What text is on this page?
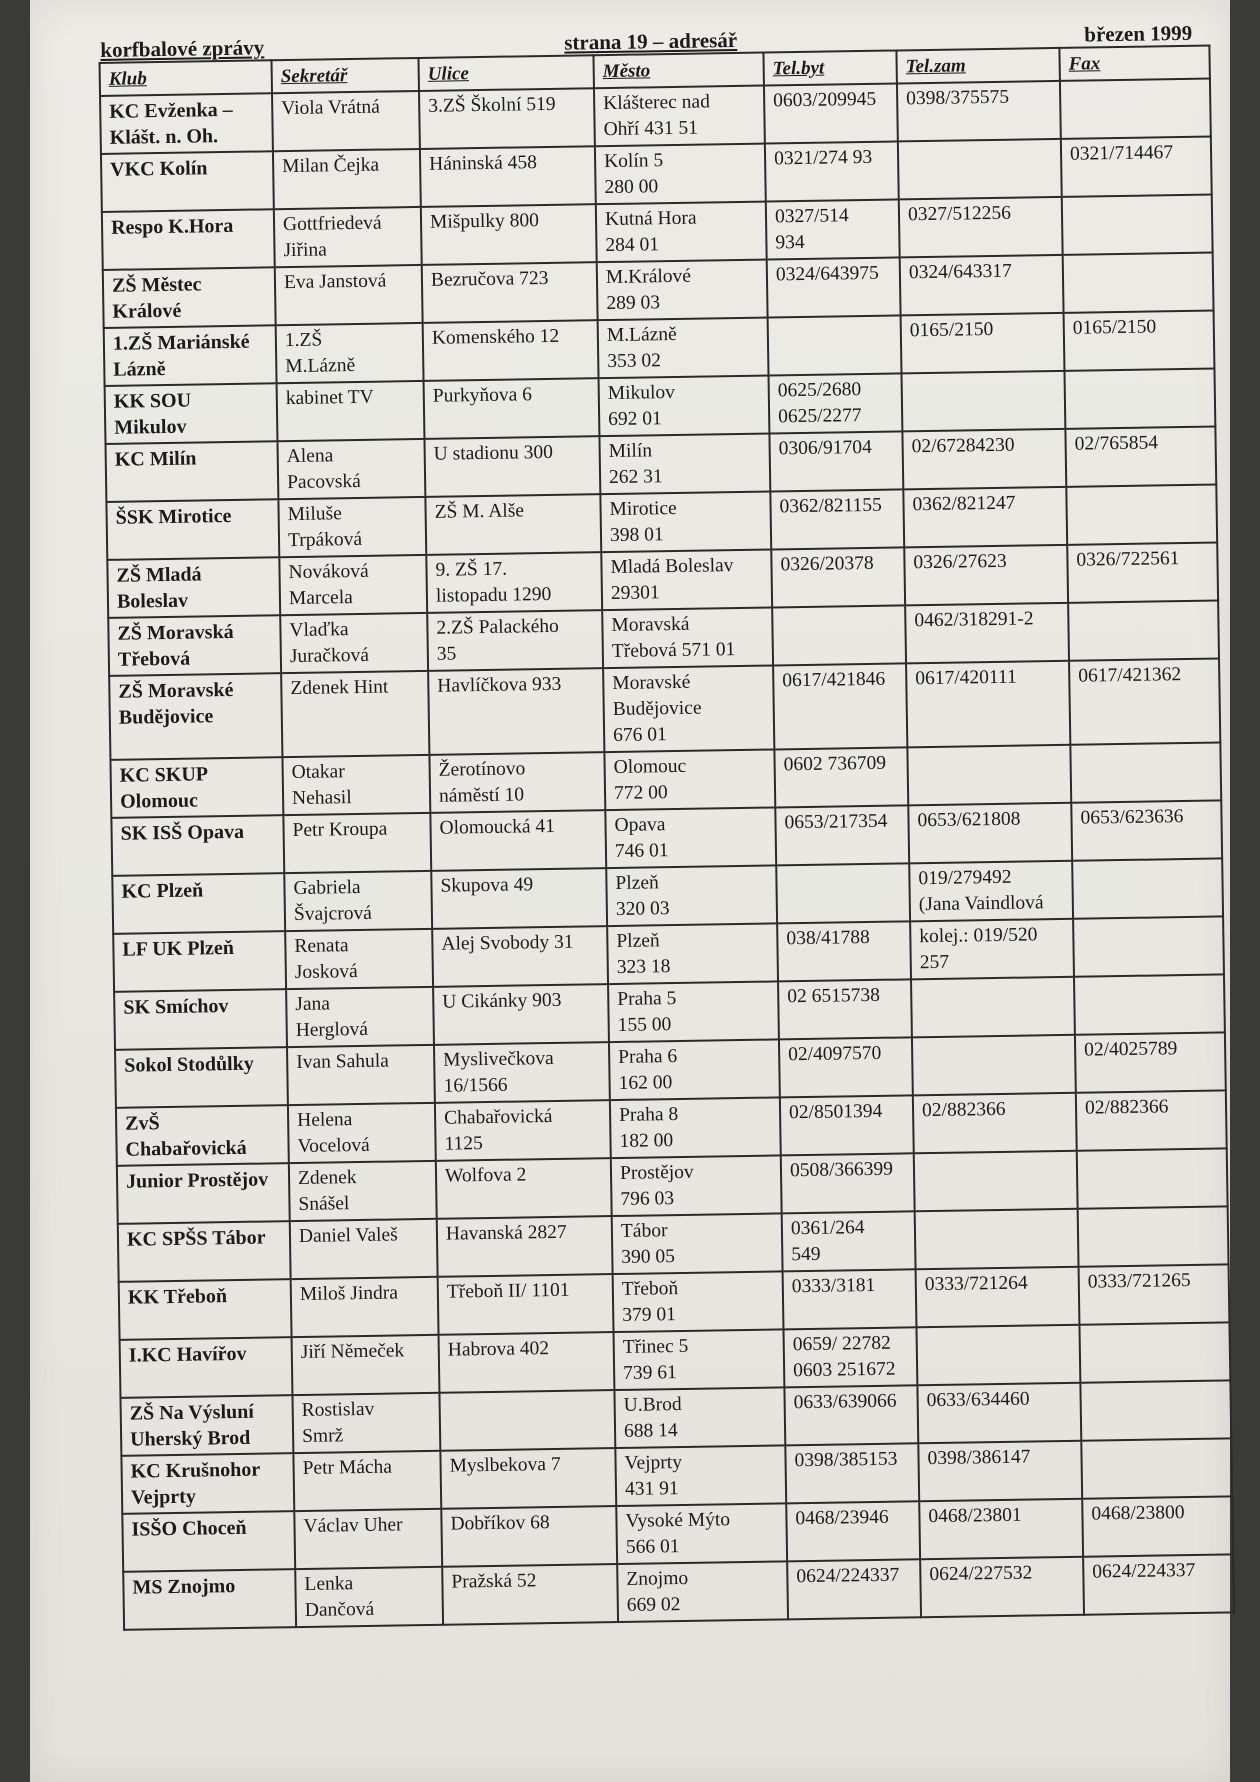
korfbalové zprávy	strana 19 – adresář	březen 1999
Klub	Sekretář	Ulice	Město	Tel.byt	Tel.zam	Fax

KC Evženka –
Klášt. n. Oh.	Viola Vrátná	3.ZŠ Školní 519	Klášterec nad
Ohří 431 51	0603/209945	0398/375575	

VKC Kolín	Milan Čejka	Háninská 458	Kolín 5
280 00	0321/274 93		0321/714467

Respo K.Hora	Gottfriedevá
Jiřina	Mišpulky 800	Kutná Hora
284 01	0327/514
934	0327/512256	

ZŠ Městec
Králové	Eva Janstová	Bezručova 723	M.Králové
289 03	0324/643975	0324/643317	

1.ZŠ Mariánské
Lázně	1.ZŠ
M.Lázně	Komenského 12	M.Lázně
353 02		0165/2150	0165/2150

KK SOU
Mikulov	kabinet TV	Purkyňova 6	Mikulov
692 01	0625/2680
0625/2277		

KC Milín	Alena
Pacovská	U stadionu 300	Milín
262 31	0306/91704	02/67284230	02/765854

ŠSK Mirotice	Miluše
Trpáková	ZŠ M. Alše	Mirotice
398 01	0362/821155	0362/821247	

ZŠ Mladá
Boleslav	Nováková
Marcela	9. ZŠ 17.
listopadu 1290	Mladá Boleslav
29301	0326/20378	0326/27623	0326/722561

ZŠ Moravská
Třebová	Vlaďka
Juračková	2.ZŠ Palackého
35	Moravská
Třebová 571 01		0462/318291-2	

ZŠ Moravské
Budějovice	Zdenek Hint	Havlíčkova 933	Moravské
Budějovice
676 01	0617/421846	0617/420111	0617/421362

KC SKUP
Olomouc	Otakar
Nehasil	Žerotínovo
náměstí 10	Olomouc
772 00	0602 736709		

SK ISŠ Opava	Petr Kroupa	Olomoucká 41	Opava
746 01	0653/217354	0653/621808	0653/623636

KC Plzeň	Gabriela
Švajcrová	Skupova 49	Plzeň
320 03		019/279492
(Jana Vaindlová	

LF UK Plzeň	Renata
Josková	Alej Svobody 31	Plzeň
323 18	038/41788	kolej.: 019/520
257	

SK Smíchov	Jana
Herglová	U Cikánky 903	Praha 5
155 00	02 6515738		

Sokol Stodůlky	Ivan Sahula	Myslivečkova
16/1566	Praha 6
162 00	02/4097570		02/4025789

ZvŠ
Chabařovická	Helena
Vocelová	Chabařovická
1125	Praha 8
182 00	02/8501394	02/882366	02/882366

Junior Prostějov	Zdenek
Snášel	Wolfova 2	Prostějov
796 03	0508/366399		

KC SPŠS Tábor	Daniel Valeš	Havanská 2827	Tábor
390 05	0361/264
549		

KK Třeboň	Miloš Jindra	Třeboň II/ 1101	Třeboň
379 01	0333/3181	0333/721264	0333/721265

I.KC Havířov	Jiří Němeček	Habrova 402	Třinec 5
739 61	0659/ 22782
0603 251672		

ZŠ Na Výsluní
Uherský Brod	Rostislav
Smrž		U.Brod
688 14	0633/639066	0633/634460	

KC Krušnohor
Vejprty	Petr Mácha	Myslbekova 7	Vejprty
431 91	0398/385153	0398/386147	

ISŠO Choceň	Václav Uher	Dobříkov 68	Vysoké Mýto
566 01	0468/23946	0468/23801	0468/23800

MS Znojmo	Lenka
Dančová	Pražská 52	Znojmo
669 02	0624/224337	0624/227532	0624/224337
